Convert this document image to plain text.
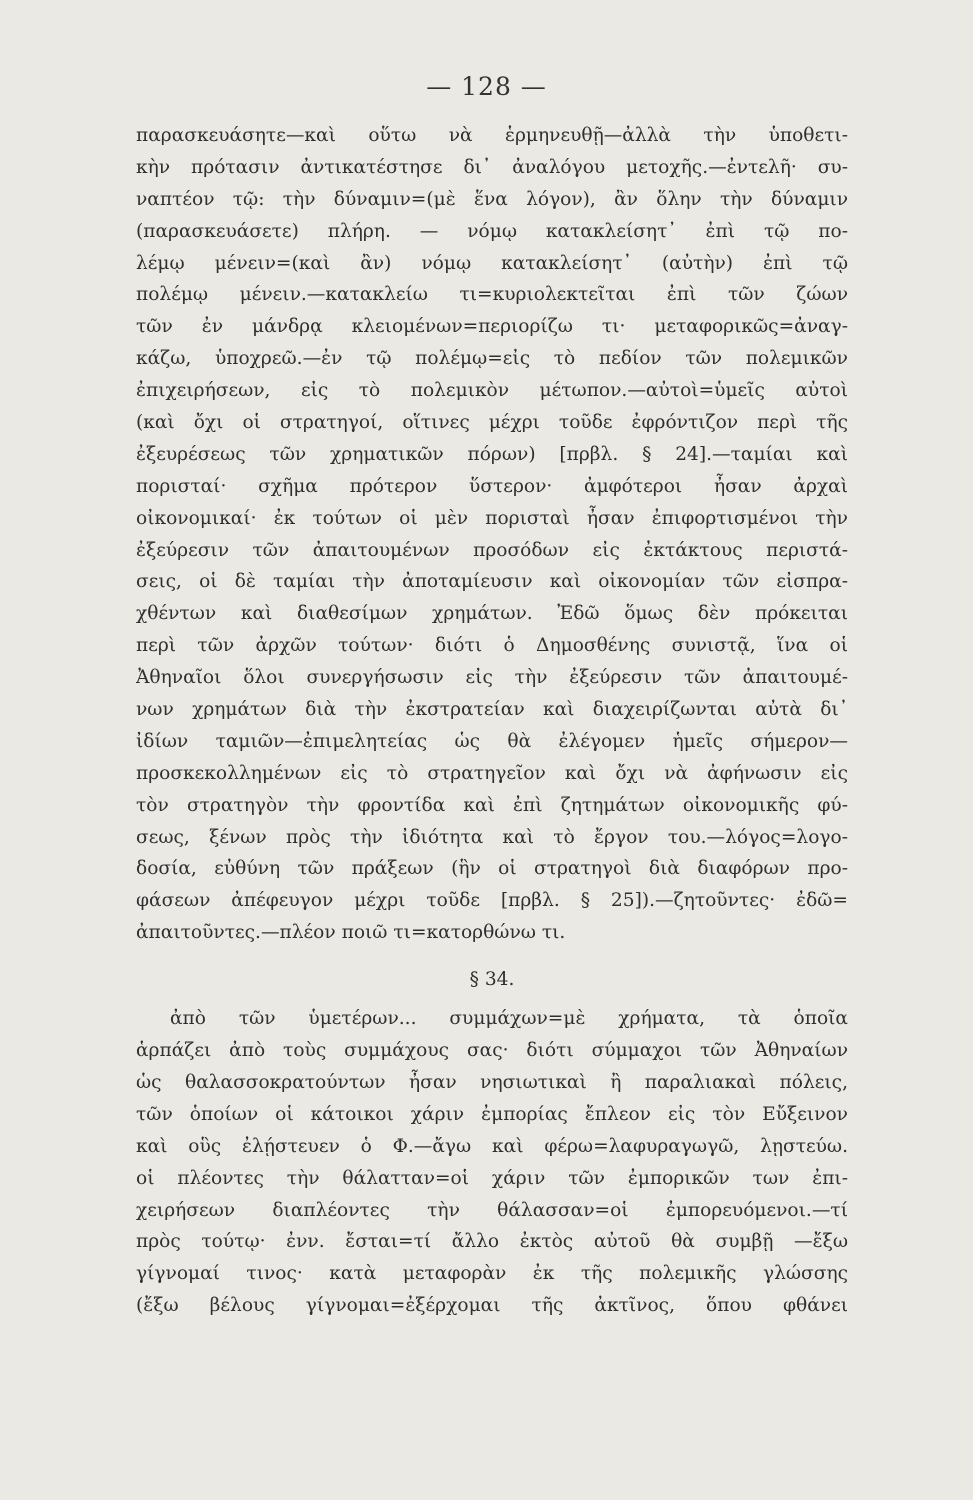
— 128 —
παρασκευάσητε—καὶ οὕτω νὰ ἑρμηνευθῇ—ἀλλὰ τὴν ὑποθετι-
κὴν πρότασιν ἀντικατέστησε δι᾽ ἀναλόγου μετοχῆς.—ἐντελῆ· συ-
ναπτέον τῷ: τὴν δύναμιν=(μὲ ἕνα λόγον), ἂν ὅλην τὴν δύναμιν
(παρασκευάσετε) πλήρη. — νόμῳ κατακλείσητ᾽ ἐπὶ τῷ πο-
λέμῳ μένειν=(καὶ ἂν) νόμῳ κατακλείσητ᾽ (αὐτὴν) ἐπὶ τῷ
πολέμῳ μένειν.—κατακλείω τι=κυριολεκτεῖται ἐπὶ τῶν ζώων
τῶν ἐν μάνδρᾳ κλειομένων=περιορίζω τι· μεταφορικῶς=ἀναγ-
κάζω, ὑποχρεῶ.—ἐν τῷ πολέμῳ=εἰς τὸ πεδίον τῶν πολεμικῶν
ἐπιχειρήσεων, εἰς τὸ πολεμικὸν μέτωπον.—αὐτοὶ=ὑμεῖς αὐτοὶ
(καὶ ὄχι οἱ στρατηγοί, οἵτινες μέχρι τοῦδε ἐφρόντιζον περὶ τῆς
ἐξευρέσεως τῶν χρηματικῶν πόρων) [πρβλ. § 24].—ταμίαι καὶ
πορισταί· σχῆμα πρότερον ὕστερον· ἀμφότεροι ἦσαν ἀρχαὶ
οἰκονομικαί· ἐκ τούτων οἱ μὲν πορισταὶ ἦσαν ἐπιφορτισμένοι τὴν
ἐξεύρεσιν τῶν ἀπαιτουμένων προσόδων εἰς ἐκτάκτους περιστά-
σεις, οἱ δὲ ταμίαι τὴν ἀποταμίευσιν καὶ οἰκονομίαν τῶν εἰσπρα-
χθέντων καὶ διαθεσίμων χρημάτων. Ἐδῶ ὅμως δὲν πρόκειται
περὶ τῶν ἀρχῶν τούτων· διότι ὁ Δημοσθένης συνιστᾷ, ἵνα οἱ
Ἀθηναῖοι ὅλοι συνεργήσωσιν εἰς τὴν ἐξεύρεσιν τῶν ἀπαιτουμέ-
νων χρημάτων διὰ τὴν ἐκστρατείαν καὶ διαχειρίζωνται αὐτὰ δι᾽
ἰδίων ταμιῶν—ἐπιμελητείας ὡς θὰ ἐλέγομεν ἡμεῖς σήμερον—
προσκεκολλημένων εἰς τὸ στρατηγεῖον καὶ ὄχι νὰ ἀφήνωσιν εἰς
τὸν στρατηγὸν τὴν φροντίδα καὶ ἐπὶ ζητημάτων οἰκονομικῆς φύ-
σεως, ξένων πρὸς τὴν ἰδιότητα καὶ τὸ ἔργον του.—λόγος=λογο-
δοσία, εὐθύνη τῶν πράξεων (ἣν οἱ στρατηγοὶ διὰ διαφόρων προ-
φάσεων ἀπέφευγον μέχρι τοῦδε [πρβλ. § 25]).—ζητοῦντες· ἐδῶ=
ἀπαιτοῦντες.—πλέον ποιῶ τι=κατορθώνω τι.
§ 34.
ἀπὸ τῶν ὑμετέρων... συμμάχων=μὲ χρήματα, τὰ ὁποῖα
ἁρπάζει ἀπὸ τοὺς συμμάχους σας· διότι σύμμαχοι τῶν Ἀθηναίων
ὡς θαλασσοκρατούντων ἦσαν νησιωτικαὶ ἢ παραλιακαὶ πόλεις,
τῶν ὁποίων οἱ κάτοικοι χάριν ἐμπορίας ἔπλεον εἰς τὸν Εὔξεινον
καὶ οὓς ἐλῄστευεν ὁ Φ.—ἄγω καὶ φέρω=λαφυραγωγῶ, λῃστεύω.
οἱ πλέοντες τὴν θάλατταν=οἱ χάριν τῶν ἐμπορικῶν των ἐπι-
χειρήσεων διαπλέοντες τὴν θάλασσαν=οἱ ἐμπορευόμενοι.—τί
πρὸς τούτῳ· ἐνν. ἔσται=τί ἄλλο ἐκτὸς αὐτοῦ θὰ συμβῇ —ἔξω
γίγνομαί τινος· κατὰ μεταφορὰν ἐκ τῆς πολεμικῆς γλώσσης
(ἔξω βέλους γίγνομαι=ἐξέρχομαι τῆς ἀκτῖνος, ὅπου φθάνει
